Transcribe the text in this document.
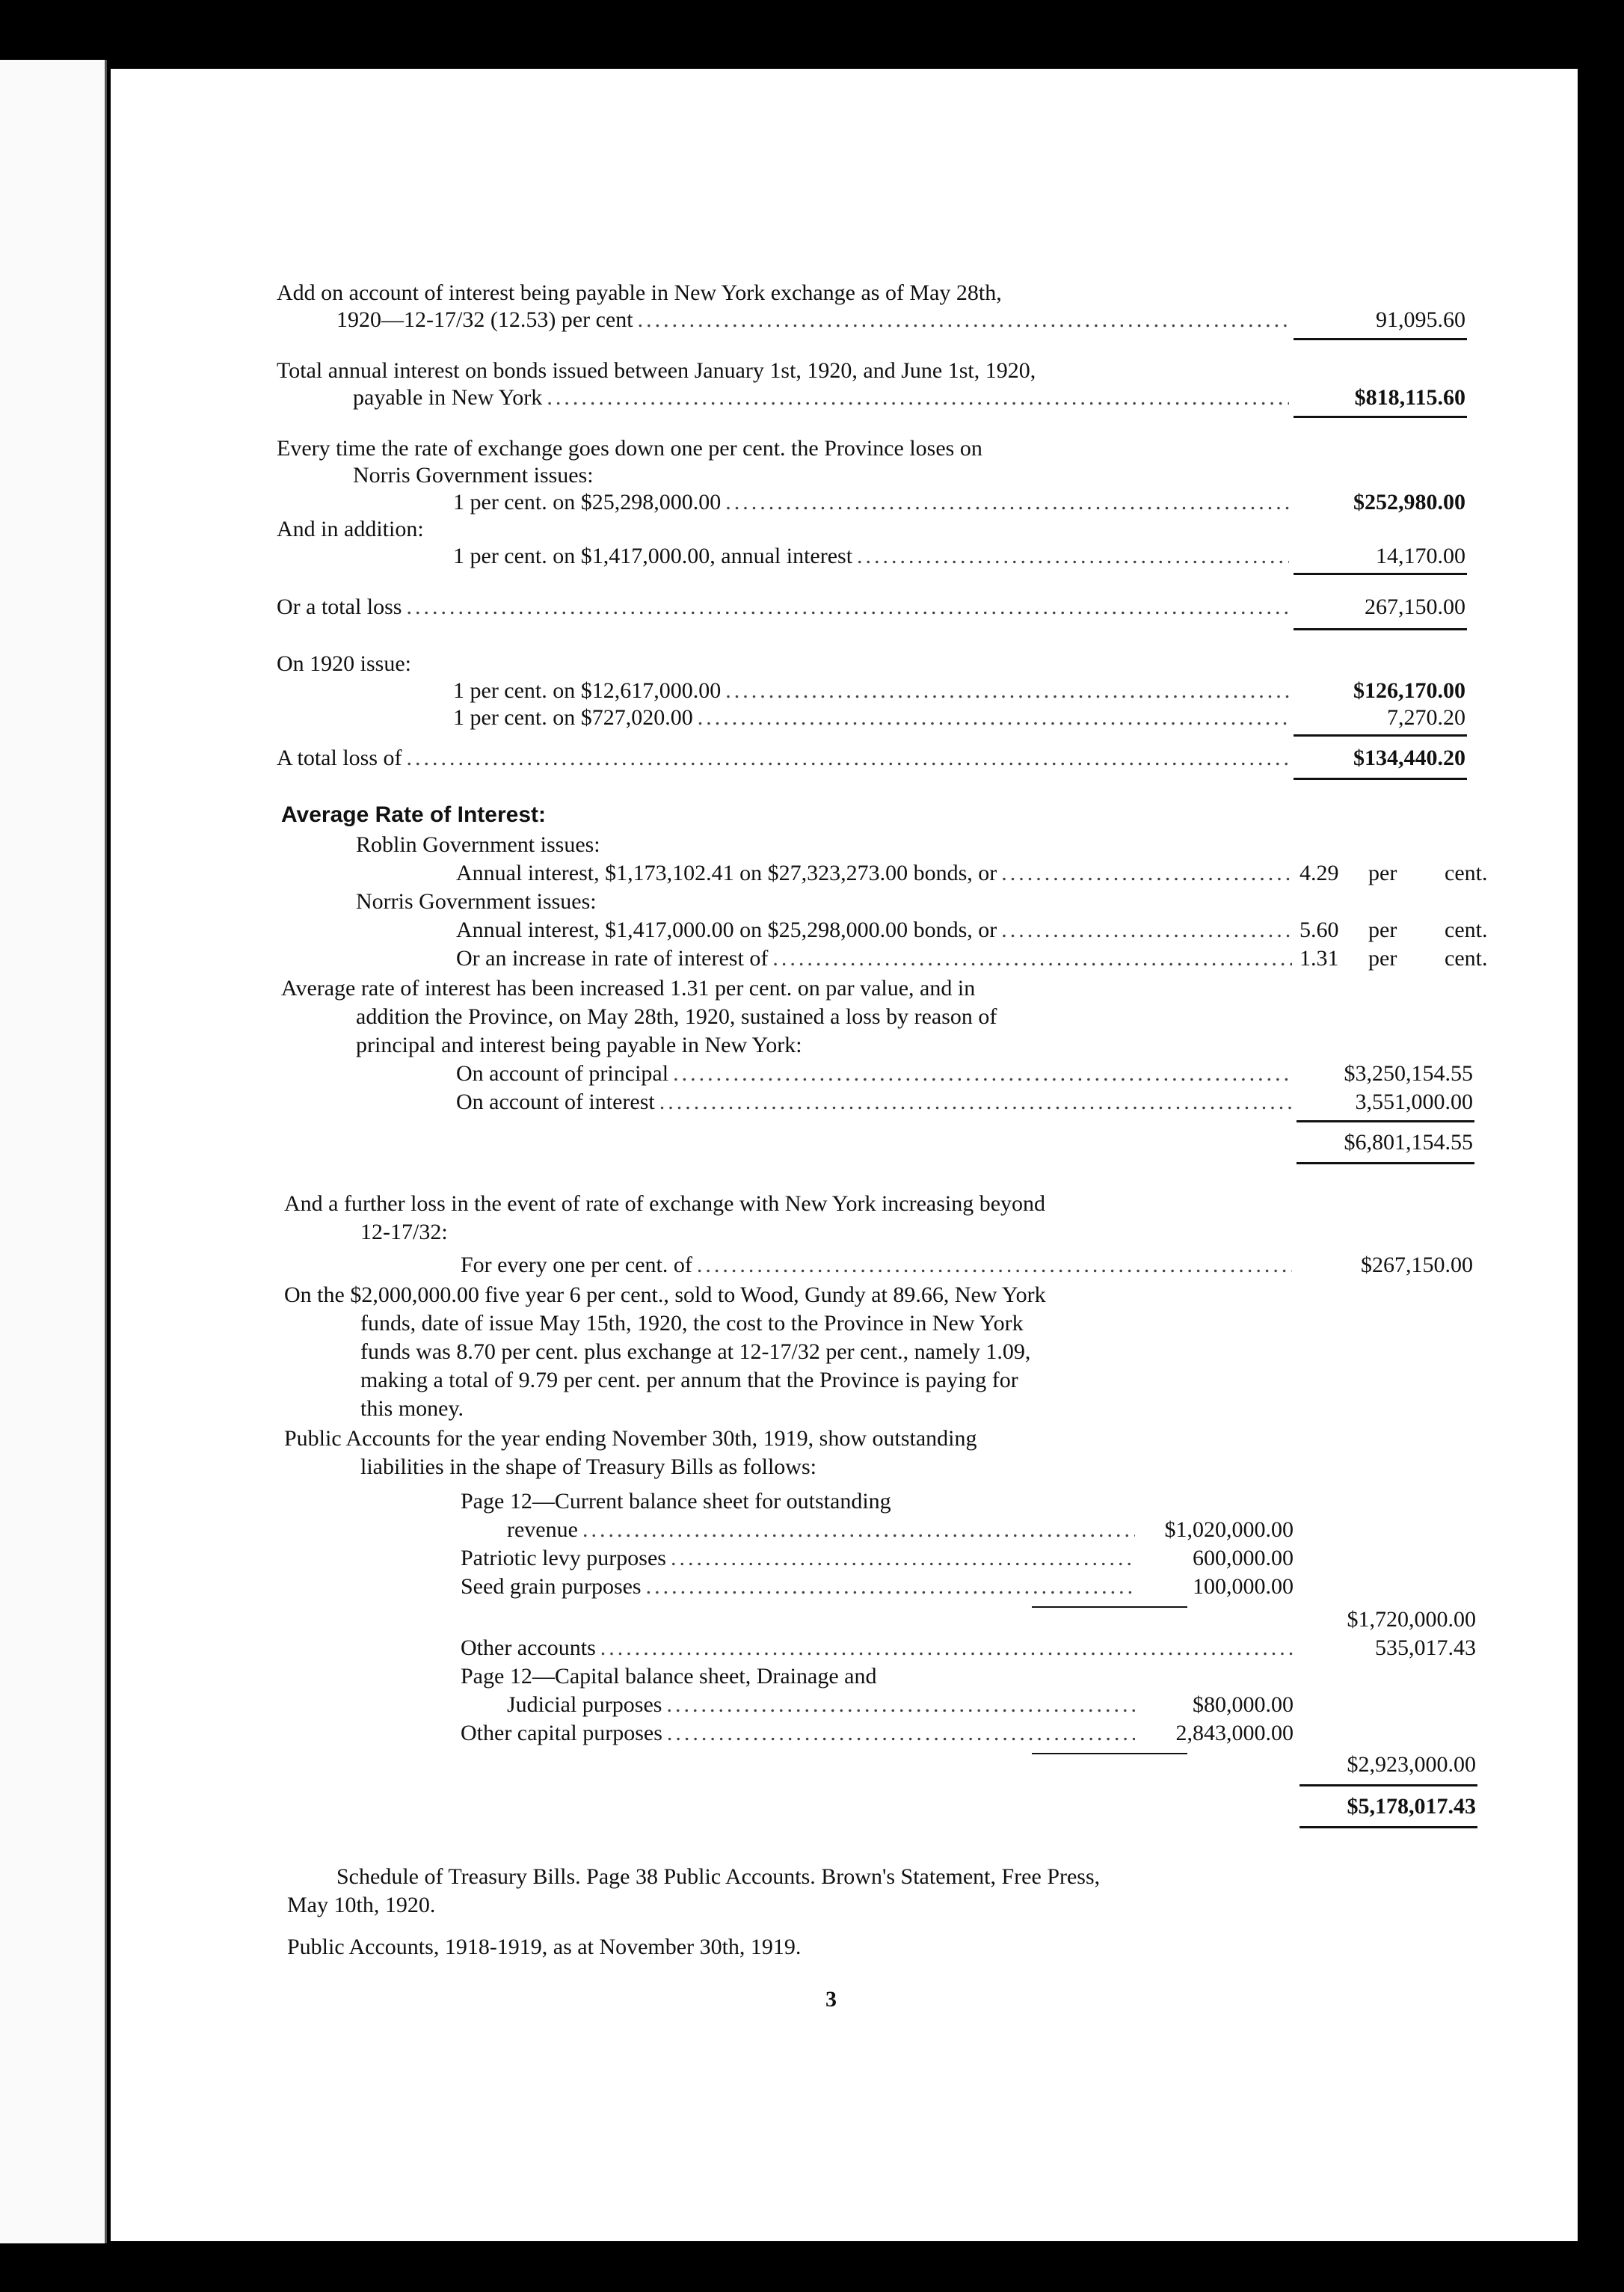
Add on account of interest being payable in New York exchange as of May 28th,
1920—12-17/32 (12.53) per cent .....	91,095.60
Total annual interest on bonds issued between January 1st, 1920, and June 1st, 1920,
payable in New York .....	$818,115.60
Every time the rate of exchange goes down one per cent. the Province loses on
Norris Government issues:
1 per cent. on $25,298,000.00 .....	$252,980.00
And in addition:
1 per cent. on $1,417,000.00, annual interest .....	14,170.00
Or a total loss .....	267,150.00
On 1920 issue:
1 per cent. on $12,617,000.00 .....	$126,170.00
1 per cent. on $727,020.00 .....	7,270.20
A total loss of .....	$134,440.20
Average Rate of Interest:
Roblin Government issues:
Annual interest, $1,173,102.41 on $27,323,273.00 bonds, or .....	4.29 per cent.
Norris Government issues:
Annual interest, $1,417,000.00 on $25,298,000.00 bonds, or .....	5.60 per cent.
Or an increase in rate of interest of .....	1.31 per cent.
Average rate of interest has been increased 1.31 per cent. on par value, and in
addition the Province, on May 28th, 1920, sustained a loss by reason of
principal and interest being payable in New York:
On account of principal .....	$3,250,154.55
On account of interest .....	3,551,000.00
$6,801,154.55
And a further loss in the event of rate of exchange with New York increasing beyond
12-17/32:
For every one per cent. of .....	$267,150.00
On the $2,000,000.00 five year 6 per cent., sold to Wood, Gundy at 89.66, New York
funds, date of issue May 15th, 1920, the cost to the Province in New York
funds was 8.70 per cent. plus exchange at 12-17/32 per cent., namely 1.09,
making a total of 9.79 per cent. per annum that the Province is paying for
this money.
Public Accounts for the year ending November 30th, 1919, show outstanding
liabilities in the shape of Treasury Bills as follows:
Page 12—Current balance sheet for outstanding
revenue .....	$1,020,000.00
Patriotic levy purposes .....	600,000.00
Seed grain purposes .....	100,000.00
$1,720,000.00
Other accounts .....	535,017.43
Page 12—Capital balance sheet, Drainage and
Judicial purposes .....	$80,000.00
Other capital purposes .....	2,843,000.00
$2,923,000.00
$5,178,017.43
Schedule of Treasury Bills. Page 38 Public Accounts. Brown's Statement, Free Press,
May 10th, 1920.
Public Accounts, 1918-1919, as at November 30th, 1919.
3
